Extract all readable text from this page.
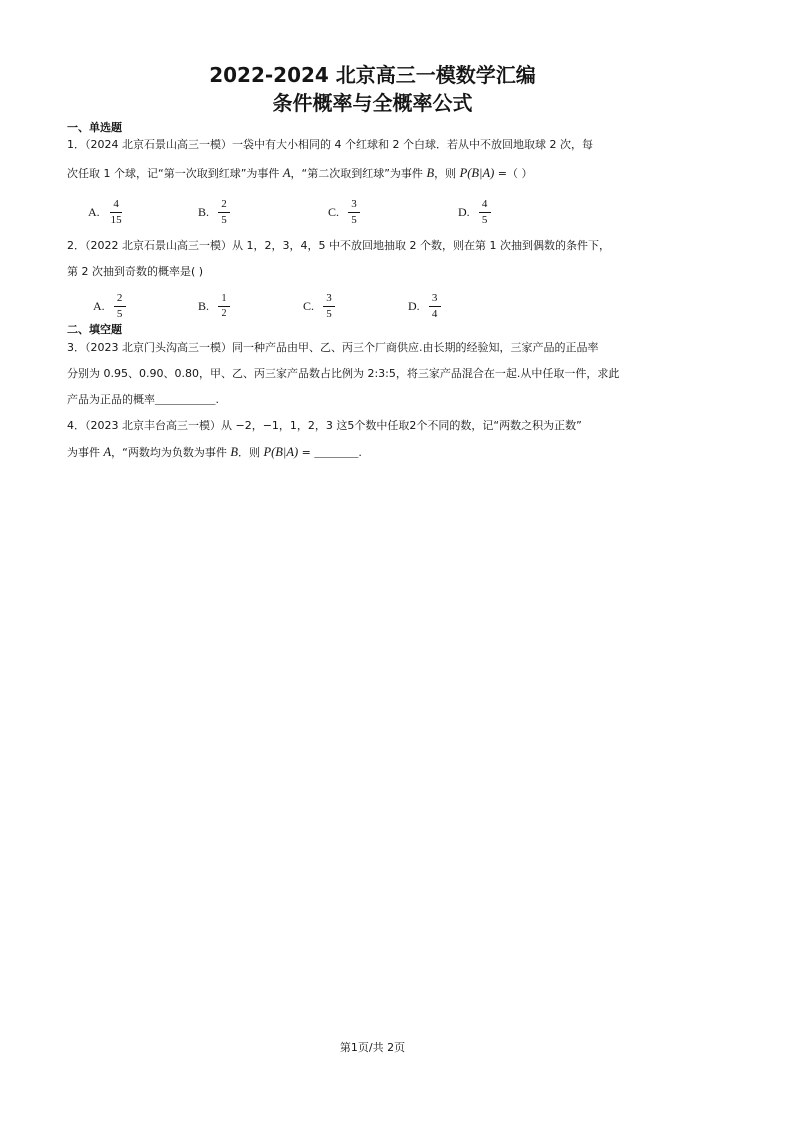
2022-2024 北京高三一模数学汇编
条件概率与全概率公式
一、单选题
1．（2024 北京石景山高三一模）一袋中有大小相同的 4 个红球和 2 个白球．若从中不放回地取球 2 次，每
次任取 1 个球，记“第一次取到红球”为事件 A，“第二次取到红球”为事件 B，则 P(B|A) =（ ）
A. $\frac{4}{15}$	B. $\frac{2}{5}$	C. $\frac{3}{5}$	D. $\frac{4}{5}$
2．（2022 北京石景山高三一模）从 1，2，3，4，5 中不放回地抽取 2 个数，则在第 1 次抽到偶数的条件下，
第 2 次抽到奇数的概率是( )
A. $\frac{2}{5}$	B. $\frac{1}{2}$	C. $\frac{3}{5}$	D. $\frac{3}{4}$
二、填空题
3．（2023 北京门头沟高三一模）同一种产品由甲、乙、丙三个厂商供应.由长期的经验知，三家产品的正品率
分别为 0.95、0.90、0.80，甲、乙、丙三家产品数占比例为 2:3:5，将三家产品混合在一起.从中任取一件，求此
产品为正品的概率___________.
4．（2023 北京丰台高三一模）从 −2，−1，1，2，3 这5个数中任取2个不同的数，记“两数之积为正数”
为事件 A，“两数均为负数为事件 B．则 P(B|A) = ________.
第1页/共 2页
